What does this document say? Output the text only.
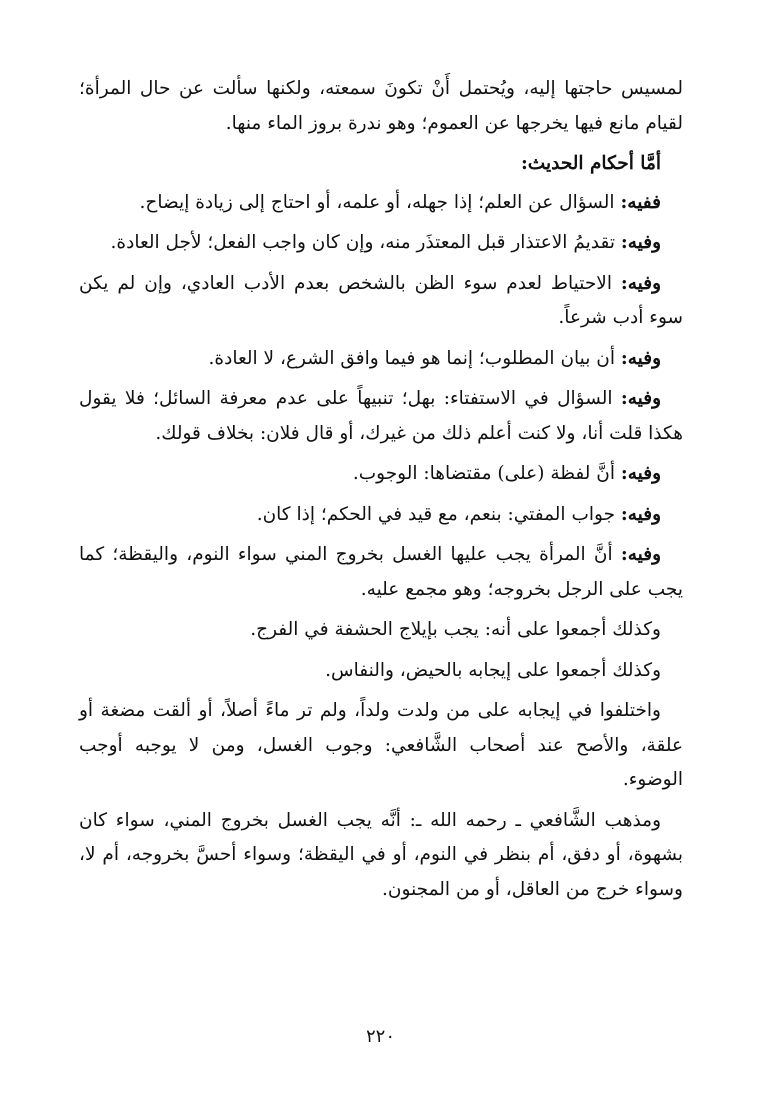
لمسيس حاجتها إليه، ويُحتمل أَنْ تكونَ سمعته، ولكنها سألت عن حال المرأة؛ لقيام مانع فيها يخرجها عن العموم؛ وهو ندرة بروز الماء منها.

أمَّا أحكام الحديث:

ففيه: السؤال عن العلم؛ إذا جهله، أو علمه، أو احتاج إلى زيادة إيضاح.

وفيه: تقديمُ الاعتذار قبل المعتذَر منه، وإن كان واجب الفعل؛ لأجل العادة.

وفيه: الاحتياط لعدم سوء الظن بالشخص بعدم الأدب العادي، وإن لم يكن سوء أدب شرعاً.

وفيه: أن بيان المطلوب؛ إنما هو فيما وافق الشرع، لا العادة.

وفيه: السؤال في الاستفتاء: بهل؛ تنبيهاً على عدم معرفة السائل؛ فلا يقول هكذا قلت أنا، ولا كنت أعلم ذلك من غيرك، أو قال فلان: بخلاف قولك.

وفيه: أنَّ لفظة (على) مقتضاها: الوجوب.

وفيه: جواب المفتي: بنعم، مع قيد في الحكم؛ إذا كان.

وفيه: أنَّ المرأة يجب عليها الغسل بخروج المني سواء النوم، واليقظة؛ كما يجب على الرجل بخروجه؛ وهو مجمع عليه.

وكذلك أجمعوا على أنه: يجب بإيلاج الحشفة في الفرج.

وكذلك أجمعوا على إيجابه بالحيض، والنفاس.

واختلفوا في إيجابه على من ولدت ولداً، ولم تر ماءً أصلاً، أو ألقت مضغة أو علقة، والأصح عند أصحاب الشَّافعي: وجوب الغسل، ومن لا يوجبه أوجب الوضوء.

ومذهب الشَّافعي ـ رحمه الله ـ: أنَّه يجب الغسل بخروج المني، سواء كان بشهوة، أو دفق، أم بنظر في النوم، أو في اليقظة؛ وسواء أحسَّ بخروجه، أم لا، وسواء خرج من العاقل، أو من المجنون.

٢٢٠
